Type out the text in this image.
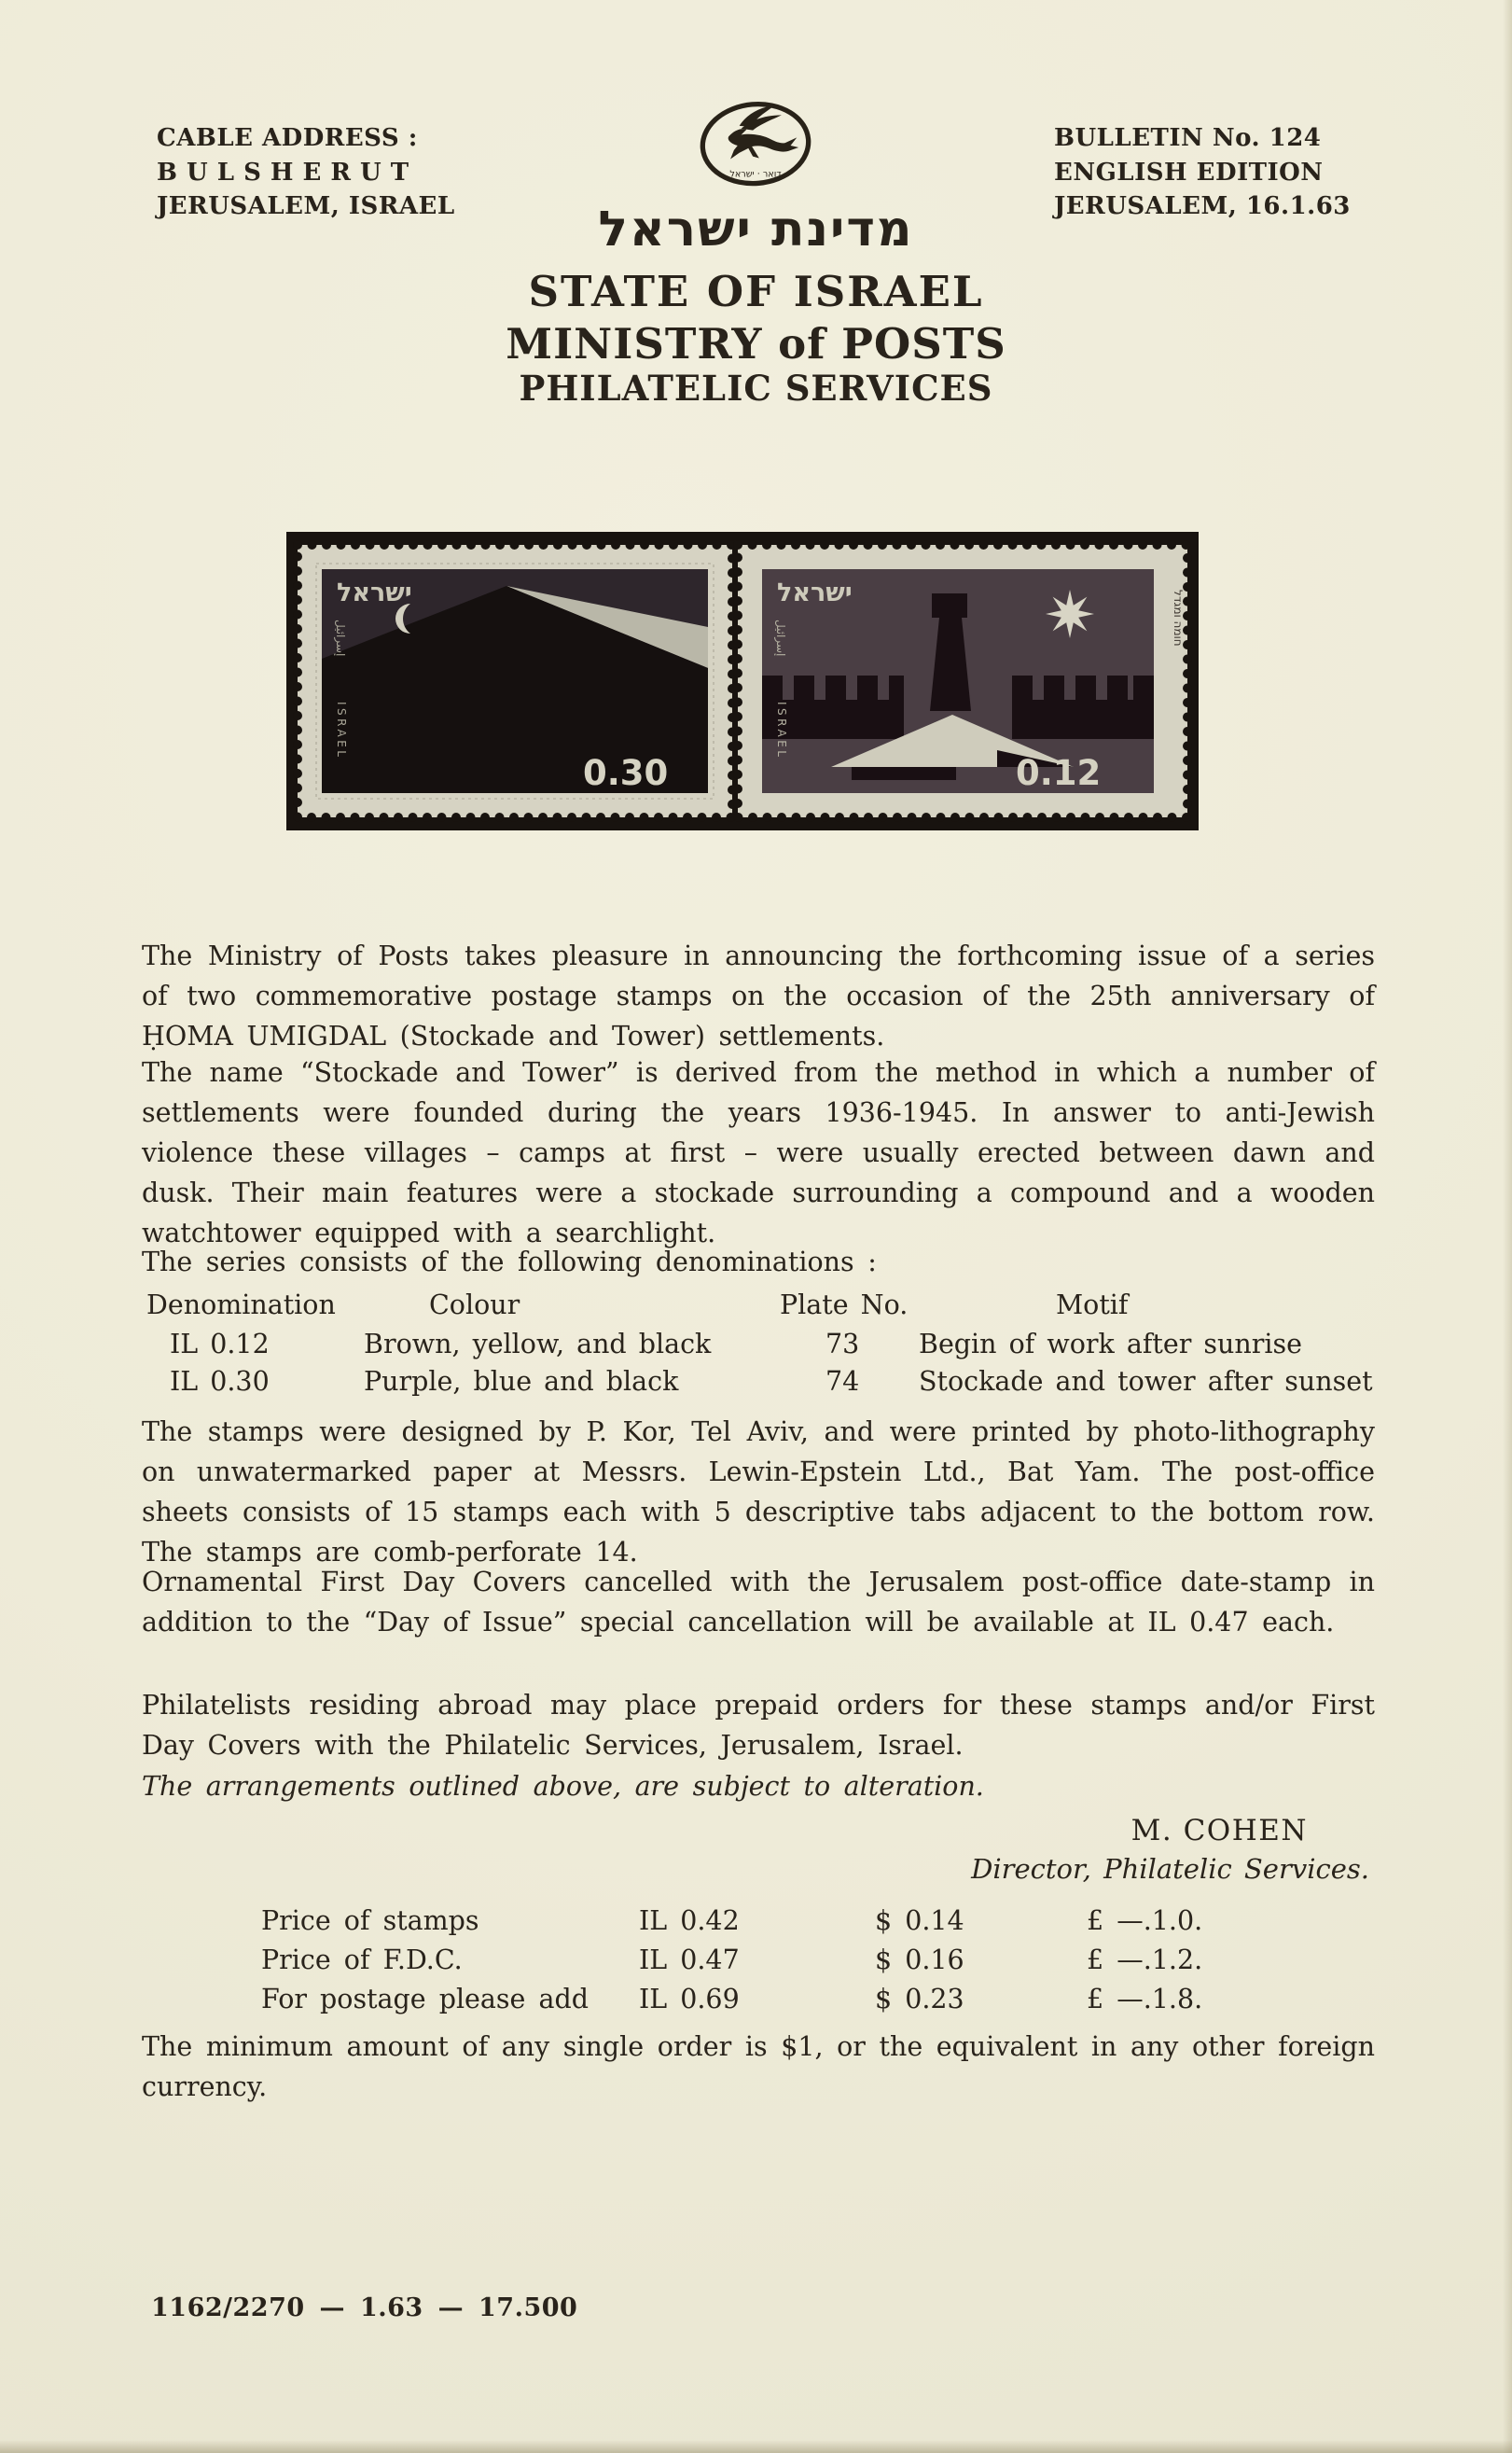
CABLE ADDRESS :
B U L S H E R U T
JERUSALEM, ISRAEL
BULLETIN No. 124
ENGLISH EDITION
JERUSALEM, 16.1.63
דואר · ישראל
מדינת ישראל
STATE OF ISRAEL
MINISTRY of POSTS
PHILATELIC SERVICES
ישראל
إسرائيل
ISRAEL
0.30
ישראל
إسرائيل
ISRAEL
0.12
חומה ומגדל

The Ministry of Posts takes pleasure in announcing the forthcoming issue of a series of two commemorative postage stamps on the occasion of the 25th anniversary of ḤOMA UMIGDAL (Stockade and Tower) settlements.

The name “Stockade and Tower” is derived from the method in which a number of settlements were founded during the years 1936-1945. In answer to anti-Jewish violence these villages – camps at first – were usually erected between dawn and dusk. Their main features were a stockade surrounding a compound and a wooden watchtower equipped with a searchlight.

The series consists of the following denominations :
Denomination	Colour	Plate No.	Motif
IL 0.12	Brown, yellow, and black	73 Begin of work after sunrise
IL 0.30	Purple, blue and black	74 Stockade and tower after sunset

The stamps were designed by P. Kor, Tel Aviv, and were printed by photo-lithography on unwatermarked paper at Messrs. Lewin-Epstein Ltd., Bat Yam. The post-office sheets consists of 15 stamps each with 5 descriptive tabs adjacent to the bottom row. The stamps are comb-perforate 14.

Ornamental First Day Covers cancelled with the Jerusalem post-office date-stamp in addition to the “Day of Issue” special cancellation will be available at IL 0.47 each.

Philatelists residing abroad may place prepaid orders for these stamps and/or First Day Covers with the Philatelic Services, Jerusalem, Israel.

The arrangements outlined above, are subject to alteration.

M. COHEN
Director, Philatelic Services.
Price of stamps	IL 0.42	$ 0.14	£ —.1.0.
Price of F.D.C.	IL 0.47	$ 0.16	£ —.1.2.
For postage please add IL 0.69	$ 0.23	£ —.1.8.

The minimum amount of any single order is $1, or the equivalent in any other foreign currency.

1162/2270 — 1.63 — 17.500
